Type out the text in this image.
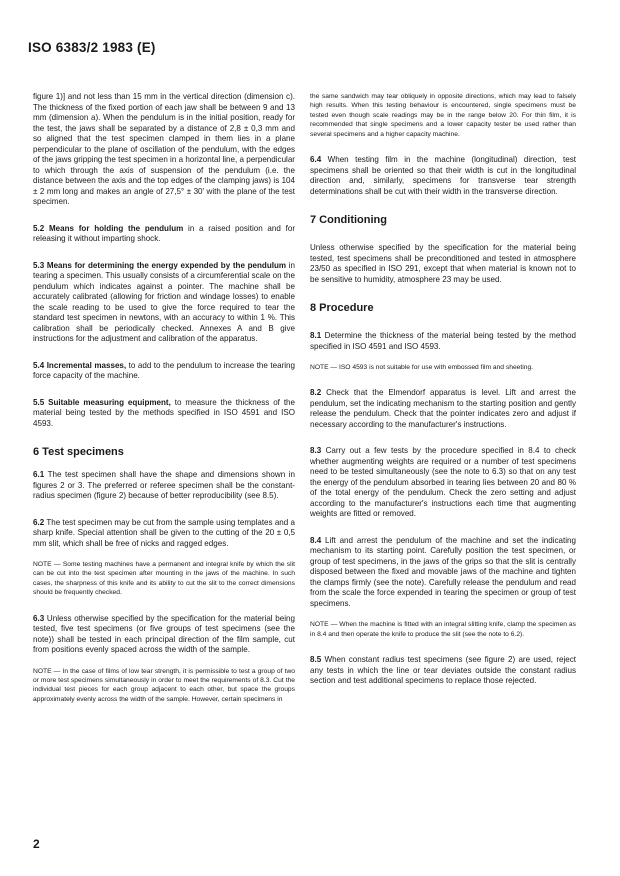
ISO 6383/2 1983 (E)

figure 1)] and not less than 15 mm in the vertical direction (dimension c). The thickness of the fixed portion of each jaw shall be between 9 and 13 mm (dimension a). When the pendulum is in the initial position, ready for the test, the jaws shall be separated by a distance of 2,8 ± 0,3 mm and so aligned that the test specimen clamped in them lies in a plane perpendicular to the plane of oscillation of the pendulum, with the edges of the jaws gripping the test specimen in a horizontal line, a perpendicular to which through the axis of suspension of the pendulum (i.e. the distance between the axis and the top edges of the clamping jaws) is 104 ± 2 mm long and makes an angle of 27,5° ± 30′ with the plane of the test specimen.

5.2 Means for holding the pendulum in a raised position and for releasing it without imparting shock.

5.3 Means for determining the energy expended by the pendulum in tearing a specimen. This usually consists of a circumferential scale on the pendulum which indicates against a pointer. The machine shall be accurately calibrated (allowing for friction and windage losses) to enable the scale reading to be used to give the force required to tear the standard test specimen in newtons, with an accuracy to within 1 %. This calibration shall be periodically checked. Annexes A and B give instructions for the adjustment and calibration of the apparatus.

5.4 Incremental masses, to add to the pendulum to increase the tearing force capacity of the machine.

5.5 Suitable measuring equipment, to measure the thickness of the material being tested by the methods specified in ISO 4591 and ISO 4593.

6 Test specimens

6.1 The test specimen shall have the shape and dimensions shown in figures 2 or 3. The preferred or referee specimen shall be the constant-radius specimen (figure 2) because of better reproducibility (see 8.5).

6.2 The test specimen may be cut from the sample using templates and a sharp knife. Special attention shall be given to the cutting of the 20 ± 0,5 mm slit, which shall be free of nicks and ragged edges.

NOTE — Some testing machines have a permanent and integral knife by which the slit can be cut into the test specimen after mounting in the jaws of the machine. In such cases, the sharpness of this knife and its ability to cut the slit to the correct dimensions should be frequently checked.

6.3 Unless otherwise specified by the specification for the material being tested, five test specimens (or five groups of test specimens (see the note)) shall be tested in each principal direction of the film sample, cut from positions evenly spaced across the width of the sample.

NOTE — In the case of films of low tear strength, it is permissible to test a group of two or more test specimens simultaneously in order to meet the requirements of 8.3. Cut the individual test pieces for each group adjacent to each other, but space the groups approximately evenly across the width of the sample. However, certain specimens in

the same sandwich may tear obliquely in opposite directions, which may lead to falsely high results. When this testing behaviour is encountered, single specimens must be tested even though scale readings may be in the range below 20. For thin film, it is recommended that single specimens and a lower capacity tester be used rather than several specimens and a higher capacity machine.

6.4 When testing film in the machine (longitudinal) direction, test specimens shall be oriented so that their width is cut in the longitudinal direction and, similarly, specimens for transverse tear strength determinations shall be cut with their width in the transverse direction.

7 Conditioning

Unless otherwise specified by the specification for the material being tested, test specimens shall be preconditioned and tested in atmosphere 23/50 as specified in ISO 291, except that when material is known not to be sensitive to humidity, atmosphere 23 may be used.

8 Procedure

8.1 Determine the thickness of the material being tested by the method specified in ISO 4591 and ISO 4593.

NOTE — ISO 4593 is not suitable for use with embossed film and sheeting.

8.2 Check that the Elmendorf apparatus is level. Lift and arrest the pendulum, set the indicating mechanism to the starting position and gently release the pendulum. Check that the pointer indicates zero and adjust if necessary according to the manufacturer's instructions.

8.3 Carry out a few tests by the procedure specified in 8.4 to check whether augmenting weights are required or a number of test specimens need to be tested simultaneously (see the note to 6.3) so that on any test the energy of the pendulum absorbed in tearing lies between 20 and 80 % of the total energy of the pendulum. Check the zero setting and adjust according to the manufacturer's instructions each time that augmenting weights are fitted or removed.

8.4 Lift and arrest the pendulum of the machine and set the indicating mechanism to its starting point. Carefully position the test specimen, or group of test specimens, in the jaws of the grips so that the slit is centrally disposed between the fixed and movable jaws of the machine and tighten the clamps firmly (see the note). Carefully release the pendulum and read from the scale the force expended in tearing the specimen or group of test specimens.

NOTE — When the machine is fitted with an integral slitting knife, clamp the specimen as in 8.4 and then operate the knife to produce the slit (see the note to 6.2).

8.5 When constant radius test specimens (see figure 2) are used, reject any tests in which the line or tear deviates outside the constant radius section and test additional specimens to replace those rejected.

2
